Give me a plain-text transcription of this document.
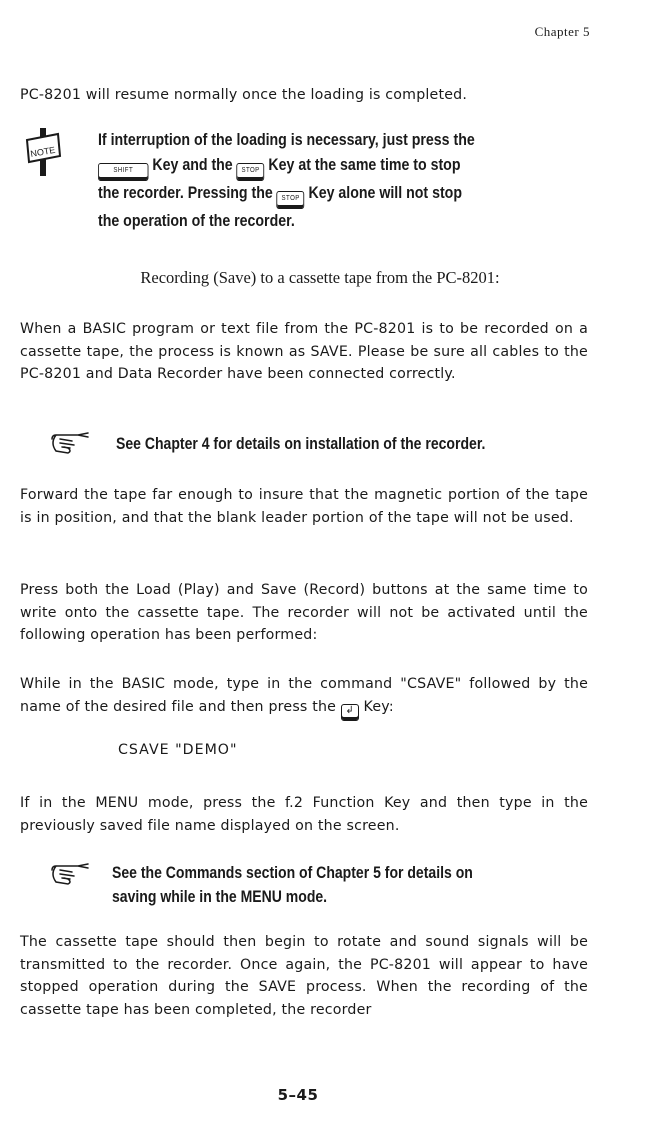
Chapter 5
PC-8201 will resume normally once the loading is completed.
NOTE
If interruption of the loading is necessary, just press the
SHIFT Key and the STOP Key at the same time to stop
the recorder. Pressing the STOP Key alone will not stop
the operation of the recorder.
Recording (Save) to a cassette tape from the PC-8201:
When a BASIC program or text file from the PC-8201 is to be recorded on a cassette tape, the process is known as SAVE. Please be sure all cables to the PC-8201 and Data Recorder have been connected correctly.
See Chapter 4 for details on installation of the recorder.
Forward the tape far enough to insure that the magnetic portion of the tape is in position, and that the blank leader portion of the tape will not be used.
Press both the Load (Play) and Save (Record) buttons at the same time to write onto the cassette tape. The recorder will not be activated until the following operation has been performed:
While in the BASIC mode, type in the command "CSAVE" followed by the name of the desired file and then press the ↲ Key:
CSAVE "DEMO"
If in the MENU mode, press the f.2 Function Key and then type in the previously saved file name displayed on the screen.
See the Commands section of Chapter 5 for details on
saving while in the MENU mode.
The cassette tape should then begin to rotate and sound signals will be transmitted to the recorder. Once again, the PC-8201 will appear to have stopped operation during the SAVE process. When the recording of the cassette tape has been completed, the recorder
5–45
